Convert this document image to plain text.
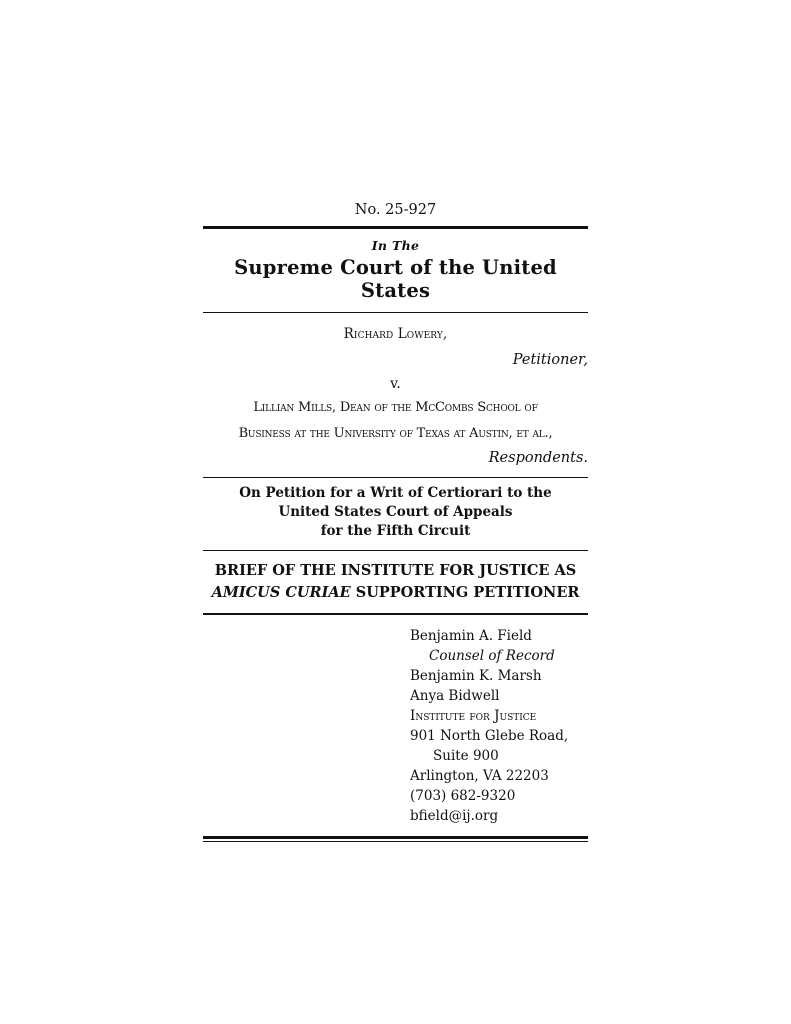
No. 25-927
In The
Supreme Court of the United States
Richard Lowery,
Petitioner,
v.
Lillian Mills, Dean of the McCombs School of
Business at the University of Texas at Austin, et al.,
Respondents.
On Petition for a Writ of Certiorari to the
United States Court of Appeals
for the Fifth Circuit
BRIEF OF THE INSTITUTE FOR JUSTICE AS
AMICUS CURIAE SUPPORTING PETITIONER
Benjamin A. Field
Counsel of Record
Benjamin K. Marsh
Anya Bidwell
Institute for Justice
901 North Glebe Road,
Suite 900
Arlington, VA 22203
(703) 682-9320
bfield@ij.org
